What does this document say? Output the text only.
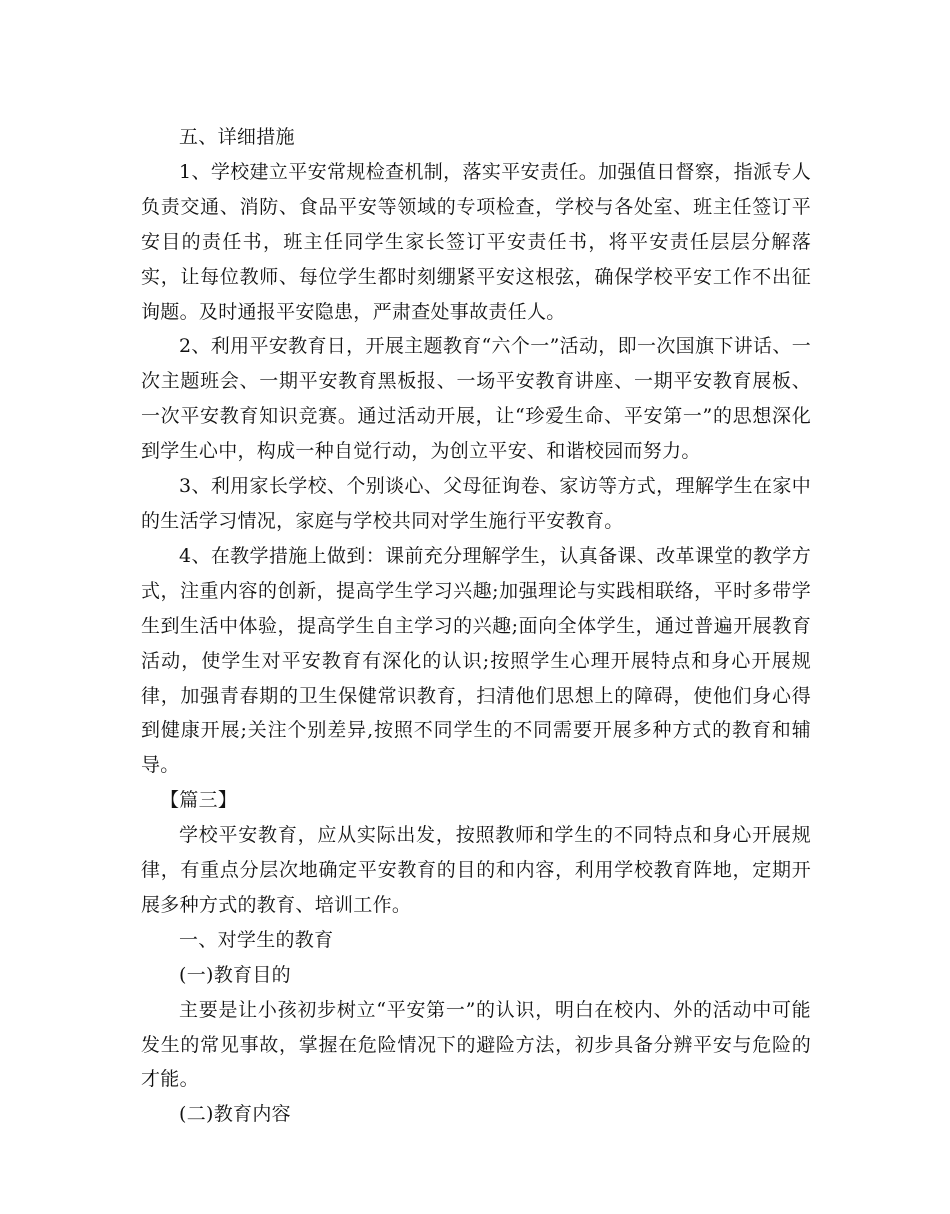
五、详细措施

1、学校建立平安常规检查机制，落实平安责任。加强值日督察，指派专人负责交通、消防、食品平安等领域的专项检查，学校与各处室、班主任签订平安目的责任书，班主任同学生家长签订平安责任书，将平安责任层层分解落实，让每位教师、每位学生都时刻绷紧平安这根弦，确保学校平安工作不出征询题。及时通报平安隐患，严肃查处事故责任人。

2、利用平安教育日，开展主题教育“六个一”活动，即一次国旗下讲话、一次主题班会、一期平安教育黑板报、一场平安教育讲座、一期平安教育展板、一次平安教育知识竞赛。通过活动开展，让“珍爱生命、平安第一”的思想深化到学生心中，构成一种自觉行动，为创立平安、和谐校园而努力。

3、利用家长学校、个别谈心、父母征询卷、家访等方式，理解学生在家中的生活学习情况，家庭与学校共同对学生施行平安教育。

4、在教学措施上做到：课前充分理解学生，认真备课、改革课堂的教学方式，注重内容的创新，提高学生学习兴趣;加强理论与实践相联络，平时多带学生到生活中体验，提高学生自主学习的兴趣;面向全体学生，通过普遍开展教育活动，使学生对平安教育有深化的认识;按照学生心理开展特点和身心开展规律，加强青春期的卫生保健常识教育，扫清他们思想上的障碍，使他们身心得到健康开展;关注个别差异,按照不同学生的不同需要开展多种方式的教育和辅导。

【篇三】

学校平安教育，应从实际出发，按照教师和学生的不同特点和身心开展规律，有重点分层次地确定平安教育的目的和内容，利用学校教育阵地，定期开展多种方式的教育、培训工作。

一、对学生的教育

(一)教育目的

主要是让小孩初步树立“平安第一”的认识，明白在校内、外的活动中可能发生的常见事故，掌握在危险情况下的避险方法，初步具备分辨平安与危险的才能。

(二)教育内容
